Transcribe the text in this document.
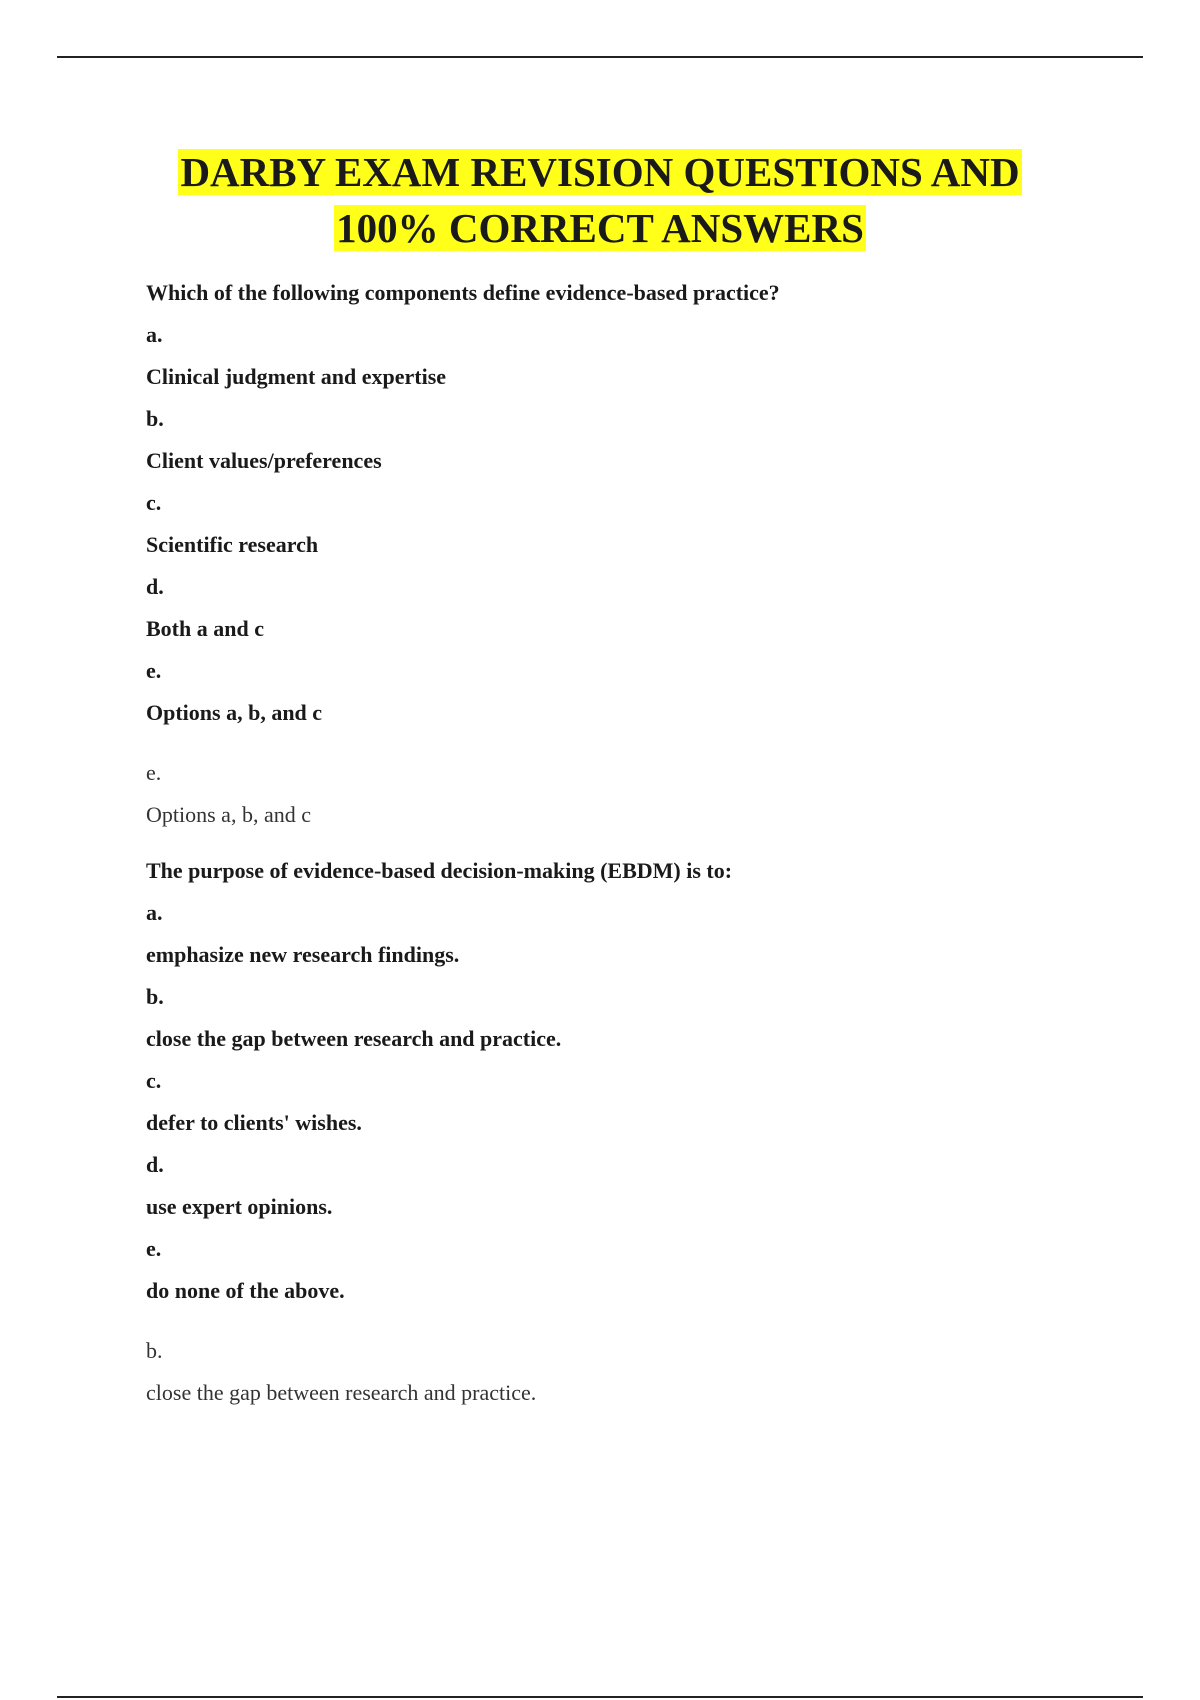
DARBY EXAM REVISION QUESTIONS AND
100% CORRECT ANSWERS
Which of the following components define evidence-based practice?
a.
Clinical judgment and expertise
b.
Client values/preferences
c.
Scientific research
d.
Both a and c
e.
Options a, b, and c
e.
Options a, b, and c
The purpose of evidence-based decision-making (EBDM) is to:
a.
emphasize new research findings.
b.
close the gap between research and practice.
c.
defer to clients' wishes.
d.
use expert opinions.
e.
do none of the above.
b.
close the gap between research and practice.
